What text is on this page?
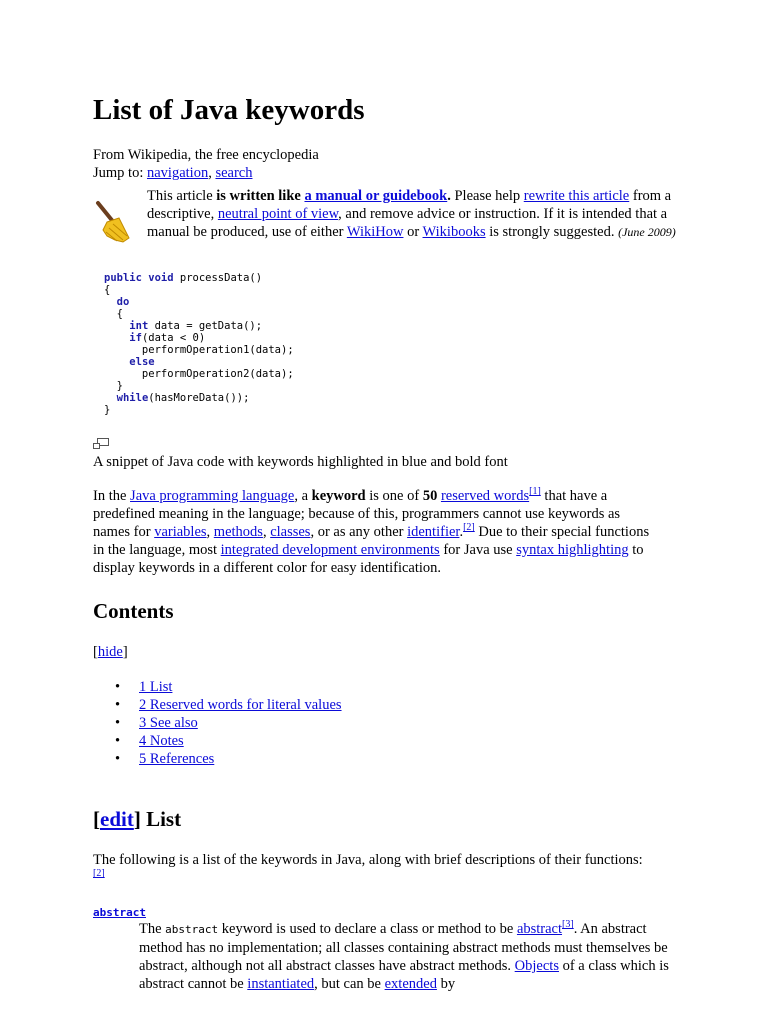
List of Java keywords
From Wikipedia, the free encyclopedia
Jump to: navigation, search
This article is written like a manual or guidebook. Please help rewrite this article from a descriptive, neutral point of view, and remove advice or instruction. If it is intended that a manual be produced, use of either WikiHow or Wikibooks is strongly suggested. (June 2009)
public void processData()
{
do
{
int data = getData();
if(data < 0)
performOperation1(data);
else
performOperation2(data);
}
while(hasMoreData());
}
A snippet of Java code with keywords highlighted in blue and bold font
In the Java programming language, a keyword is one of 50 reserved words[1] that have a predefined meaning in the language; because of this, programmers cannot use keywords as names for variables, methods, classes, or as any other identifier.[2] Due to their special functions in the language, most integrated development environments for Java use syntax highlighting to display keywords in a different color for easy identification.
Contents
[hide]
• 1 List
• 2 Reserved words for literal values
• 3 See also
• 4 Notes
• 5 References
[edit] List
The following is a list of the keywords in Java, along with brief descriptions of their functions:[2]
abstract
The abstract keyword is used to declare a class or method to be abstract[3]. An abstract method has no implementation; all classes containing abstract methods must themselves be abstract, although not all abstract classes have abstract methods. Objects of a class which is abstract cannot be instantiated, but can be extended by
